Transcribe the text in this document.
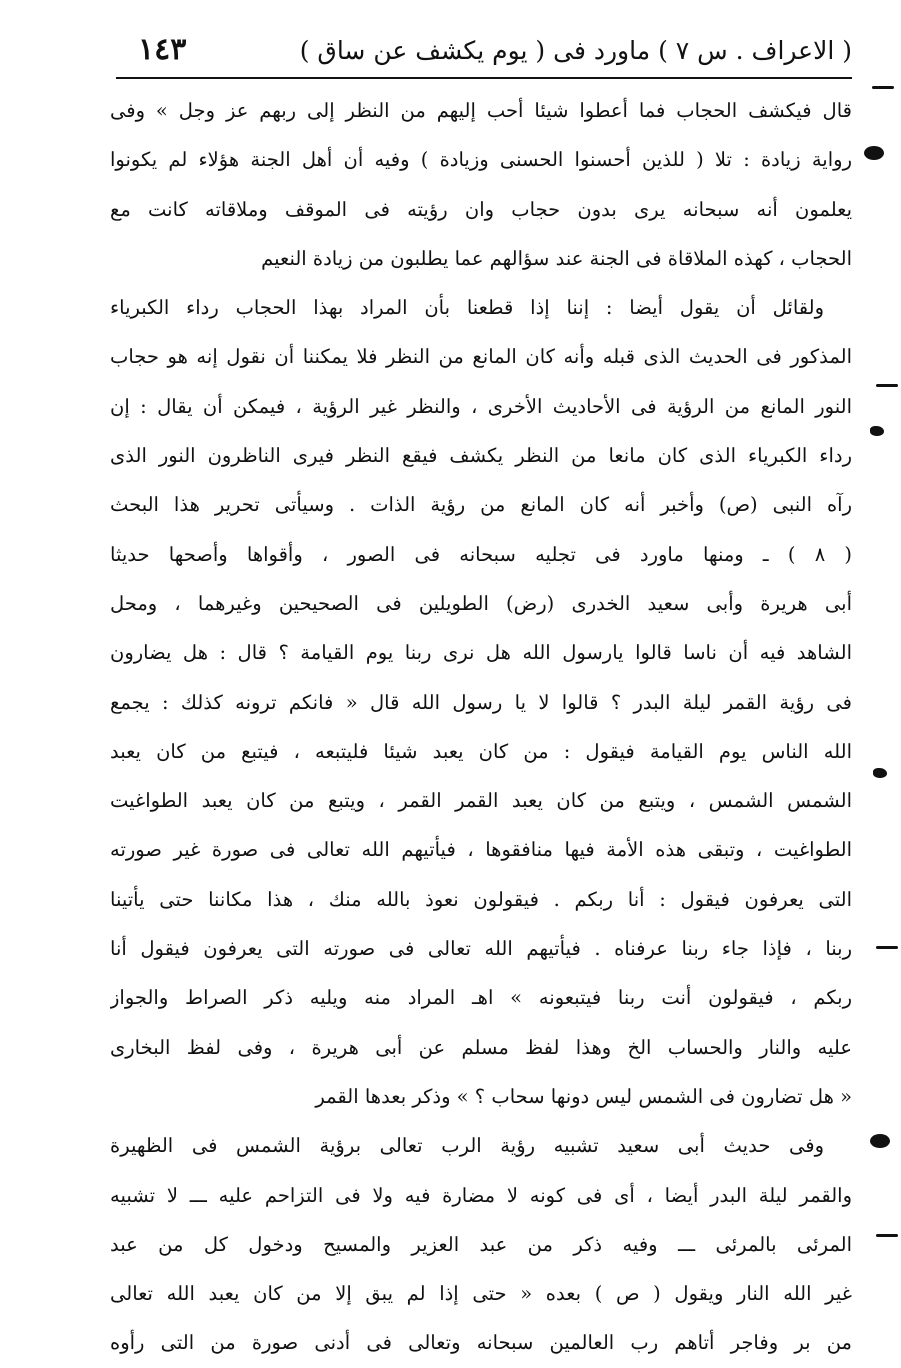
( الاعراف . س ٧ ) ماورد فى ( يوم يكشف عن ساق )
١٤٣
قال فيكشف الحجاب فما أعطوا شيئا أحب إليهم من النظر إلى ربهم عز وجل » وفى
رواية زيادة : تلا ( للذين أحسنوا الحسنى وزيادة ) وفيه أن أهل الجنة هؤلاء لم يكونوا
يعلمون أنه سبحانه يرى بدون حجاب وان رؤيته فى الموقف وملاقاته كانت مع
الحجاب ، كهذه الملاقاة فى الجنة عند سؤالهم عما يطلبون من زيادة النعيم
ولقائل أن يقول أيضا : إننا إذا قطعنا بأن المراد بهذا الحجاب رداء الكبرياء
المذكور فى الحديث الذى قبله وأنه كان المانع من النظر فلا يمكننا أن نقول إنه هو حجاب
النور المانع من الرؤية فى الأحاديث الأخرى ، والنظر غير الرؤية ، فيمكن أن يقال : إن
رداء الكبرياء الذى كان مانعا من النظر يكشف فيقع النظر فيرى الناظرون النور الذى
رآه النبى (ص) وأخبر أنه كان المانع من رؤية الذات . وسيأتى تحرير هذا البحث
( ٨ ) ـ ومنها ماورد فى تجليه سبحانه فى الصور ، وأقواها وأصحها حديثا
أبى هريرة وأبى سعيد الخدرى (رض) الطويلين فى الصحيحين وغيرهما ، ومحل
الشاهد فيه أن ناسا قالوا يارسول الله هل نرى ربنا يوم القيامة ؟ قال : هل يضارون
فى رؤية القمر ليلة البدر ؟ قالوا لا يا رسول الله قال « فانكم ترونه كذلك : يجمع
الله الناس يوم القيامة فيقول : من كان يعبد شيئا فليتبعه ، فيتبع من كان يعبد
الشمس الشمس ، ويتبع من كان يعبد القمر القمر ، ويتبع من كان يعبد الطواغيت
الطواغيت ، وتبقى هذه الأمة فيها منافقوها ، فيأتيهم الله تعالى فى صورة غير صورته
التى يعرفون فيقول : أنا ربكم . فيقولون نعوذ بالله منك ، هذا مكاننا حتى يأتينا
ربنا ، فإذا جاء ربنا عرفناه . فيأتيهم الله تعالى فى صورته التى يعرفون فيقول أنا
ربكم ، فيقولون أنت ربنا فيتبعونه » اهـ المراد منه ويليه ذكر الصراط والجواز
عليه والنار والحساب الخ وهذا لفظ مسلم عن أبى هريرة ، وفى لفظ البخارى
« هل تضارون فى الشمس ليس دونها سحاب ؟ » وذكر بعدها القمر
وفى حديث أبى سعيد تشبيه رؤية الرب تعالى برؤية الشمس فى الظهيرة
والقمر ليلة البدر أيضا ، أى فى كونه لا مضارة فيه ولا فى التزاحم عليه ـــ لا تشبيه
المرئى بالمرئى ـــ وفيه ذكر من عبد العزير والمسيح ودخول كل من عبد
غير الله النار ويقول ( ص ) بعده « حتى إذا لم يبق إلا من كان يعبد الله تعالى
من بر وفاجر أتاهم رب العالمين سبحانه وتعالى فى أدنى صورة من التى رأوه
